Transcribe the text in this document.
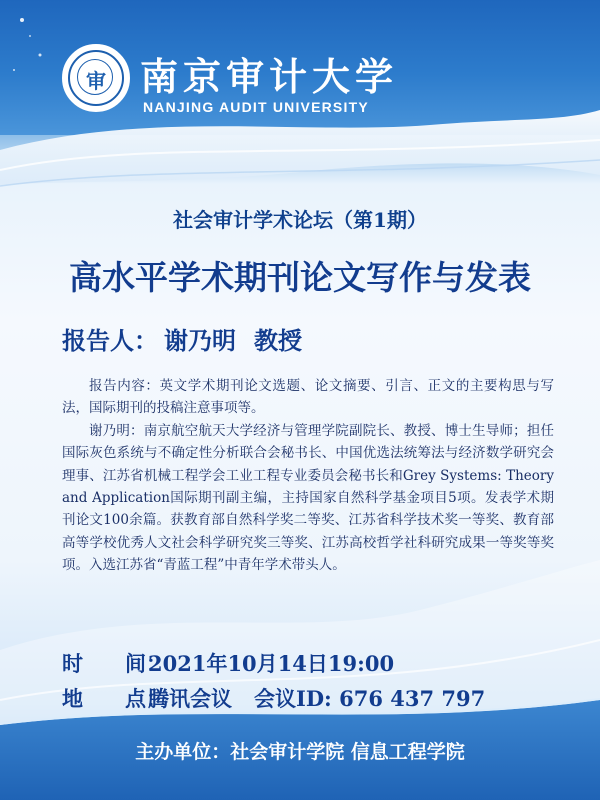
审 南京审计大学

NANJING AUDIT UNIVERSITY

社会审计学术论坛（第1期）
高水平学术期刊论文写作与发表

报告人： 谢乃明 教授

报告内容：英文学术期刊论文选题、论文摘要、引言、正文的主要构思与写法，国际期刊的投稿注意事项等。

谢乃明：南京航空航天大学经济与管理学院副院长、教授、博士生导师；担任国际灰色系统与不确定性分析联合会秘书长、中国优选法统筹法与经济数学研究会理事、江苏省机械工程学会工业工程专业委员会秘书长和Grey Systems: Theory and Application国际期刊副主编，主持国家自然科学基金项目5项。发表学术期刊论文100余篇。获教育部自然科学奖二等奖、江苏省科学技术奖一等奖、教育部高等学校优秀人文社会科学研究奖三等奖、江苏高校哲学社科研究成果一等奖等奖项。入选江苏省“青蓝工程”中青年学术带头人。

时　　间：2021年10月14日19:00

地　　点：腾讯会议 会议ID: 676 437 797

主办单位：社会审计学院 信息工程学院
